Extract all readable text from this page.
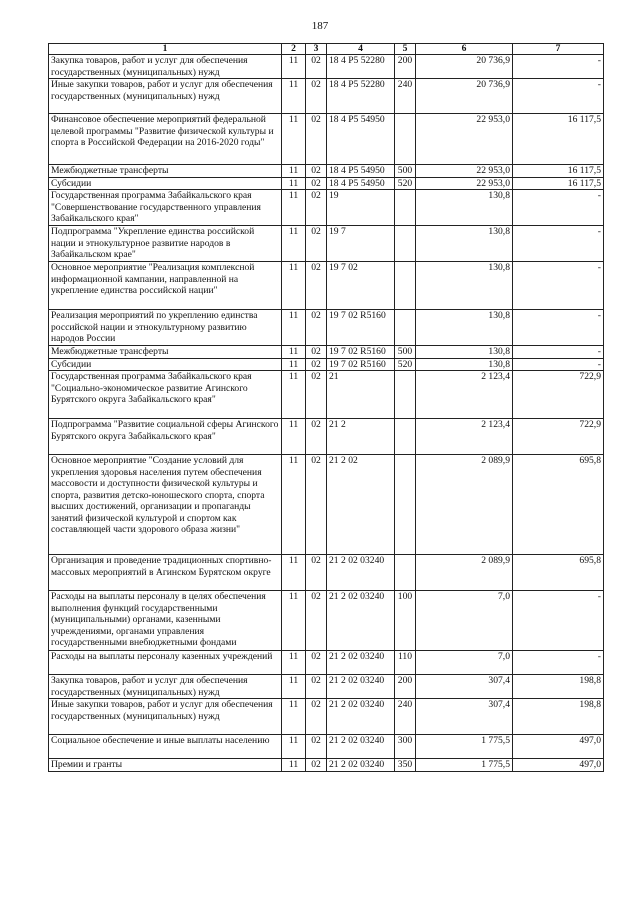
187
1	2	3	4	5	6	7
Закупка товаров, работ и услуг для обеспечения государственных (муниципальных) нужд	11	02	18 4 P5 52280	200	20 736,9	-
Иные закупки товаров, работ и услуг для обеспечения государственных (муниципальных) нужд	11	02	18 4 P5 52280	240	20 736,9	-
Финансовое обеспечение мероприятий федеральной целевой программы "Развитие физической культуры и спорта в Российской Федерации на 2016-2020 годы"	11	02	18 4 P5 54950		22 953,0	16 117,5
Межбюджетные трансферты	11	02	18 4 P5 54950	500	22 953,0	16 117,5
Субсидии	11	02	18 4 P5 54950	520	22 953,0	16 117,5
Государственная программа Забайкальского края "Совершенствование государственного управления Забайкальского края"	11	02	19		130,8	-
Подпрограмма "Укрепление единства российской нации и этнокультурное развитие народов в Забайкальском крае"	11	02	19 7		130,8	-
Основное мероприятие "Реализация комплексной информационной кампании, направленной на укрепление единства российской нации"	11	02	19 7 02		130,8	-
Реализация мероприятий по укреплению единства российской нации и этнокультурному развитию народов России	11	02	19 7 02 R5160		130,8	-
Межбюджетные трансферты	11	02	19 7 02 R5160	500	130,8	-
Субсидии	11	02	19 7 02 R5160	520	130,8	-
Государственная программа Забайкальского края "Социально-экономическое развитие Агинского Бурятского округа Забайкальского края"	11	02	21		2 123,4	722,9
Подпрограмма "Развитие социальной сферы Агинского Бурятского округа Забайкальского края"	11	02	21 2		2 123,4	722,9
Основное мероприятие "Создание условий для укрепления здоровья населения путем обеспечения массовости и доступности физической культуры и спорта, развития детско-юношеского спорта, спорта высших достижений, организации и пропаганды занятий физической культурой и спортом как составляющей части здорового образа жизни"	11	02	21 2 02		2 089,9	695,8
Организация и проведение традиционных спортивно-массовых мероприятий в Агинском Бурятском округе	11	02	21 2 02 03240		2 089,9	695,8
Расходы на выплаты персоналу в целях обеспечения выполнения функций государственными (муниципальными) органами, казенными учреждениями, органами управления государственными внебюджетными фондами	11	02	21 2 02 03240	100	7,0	-
Расходы на выплаты персоналу казенных учреждений	11	02	21 2 02 03240	110	7,0	-
Закупка товаров, работ и услуг для обеспечения государственных (муниципальных) нужд	11	02	21 2 02 03240	200	307,4	198,8
Иные закупки товаров, работ и услуг для обеспечения государственных (муниципальных) нужд	11	02	21 2 02 03240	240	307,4	198,8
Социальное обеспечение и иные выплаты населению	11	02	21 2 02 03240	300	1 775,5	497,0
Премии и гранты	11	02	21 2 02 03240	350	1 775,5	497,0
